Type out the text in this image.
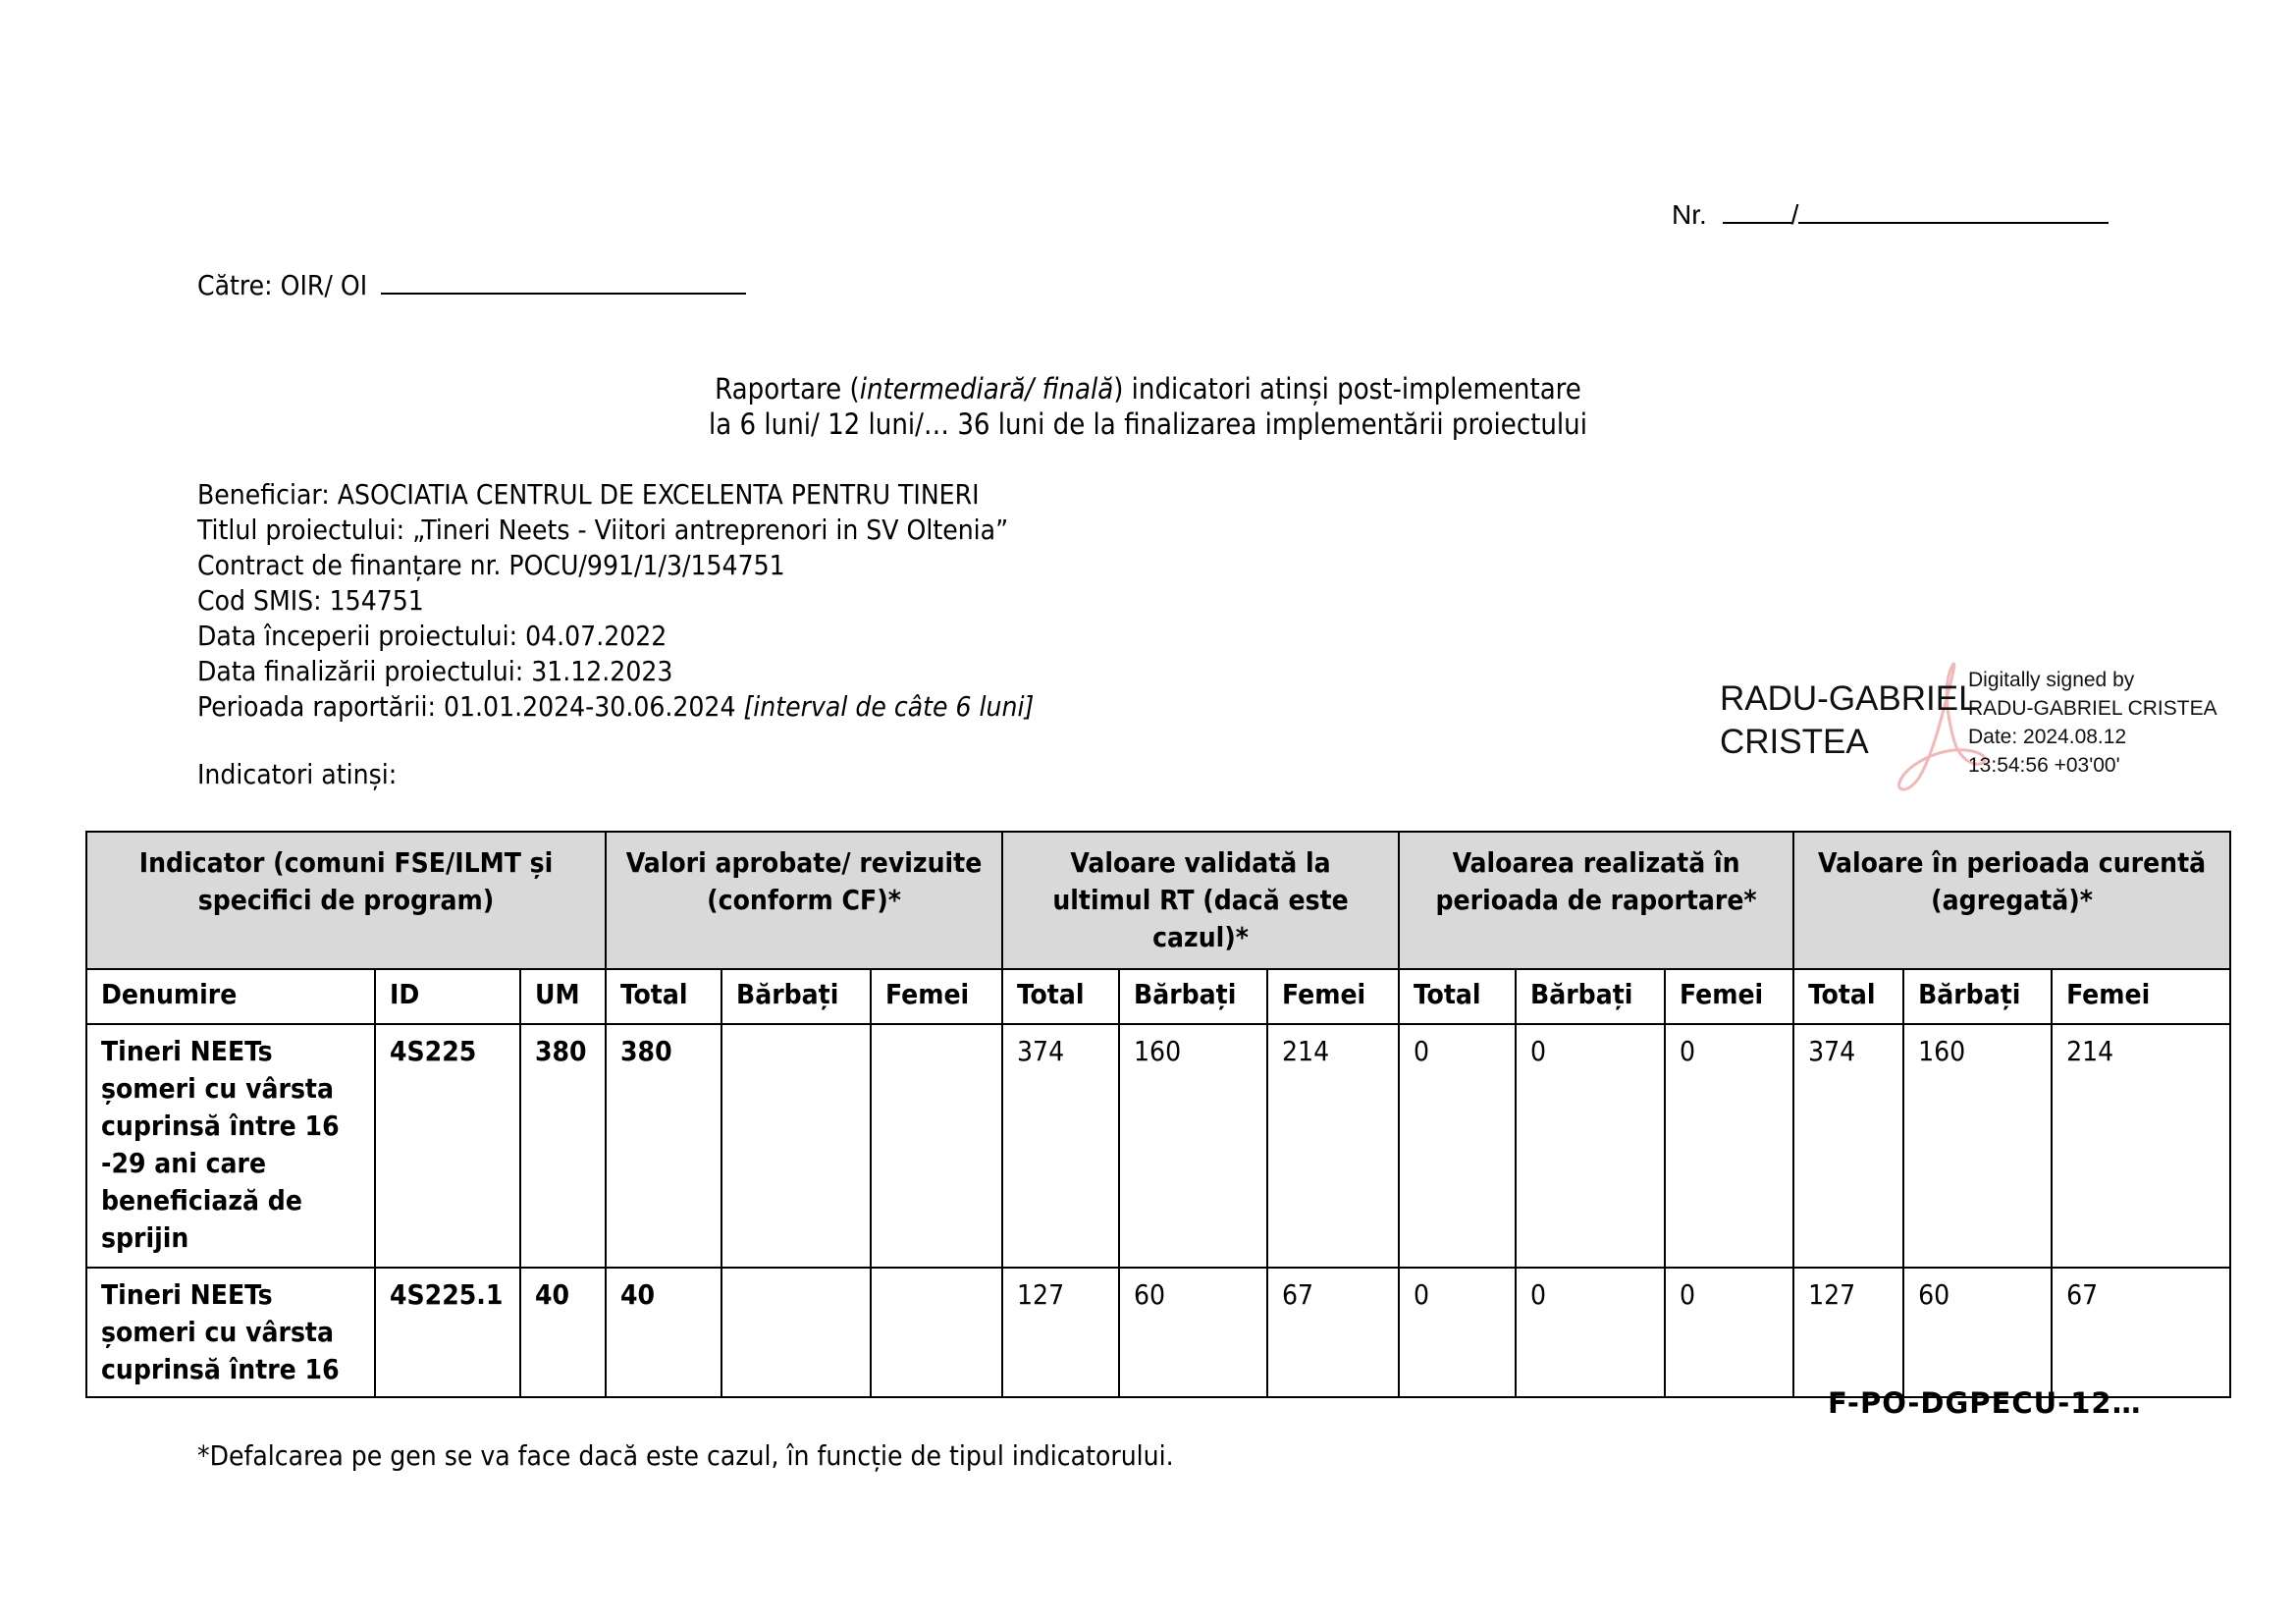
Nr.	/
Către: OIR/ OI
Raportare (intermediară/ finală) indicatori atinși post-implementare
la 6 luni/ 12 luni/… 36 luni de la finalizarea implementării proiectului
Beneficiar: ASOCIATIA CENTRUL DE EXCELENTA PENTRU TINERI
Titlul proiectului: „Tineri Neets - Viitori antreprenori in SV Oltenia”
Contract de finanțare nr. POCU/991/1/3/154751
Cod SMIS: 154751
Data începerii proiectului: 04.07.2022
Data finalizării proiectului: 31.12.2023
Perioada raportării: 01.01.2024-30.06.2024 [interval de câte 6 luni]
Indicatori atinși:
RADU-GABRIEL
CRISTEA
Digitally signed by
RADU-GABRIEL CRISTEA
Date: 2024.08.12
13:54:56 +03'00'
Indicator (comuni FSE/ILMT și specifici de program)			Valori aprobate/ revizuite (conform CF)*			Valoare validată la ultimul RT (dacă este cazul)*			Valoarea realizată în perioada de raportare*			Valoare în perioada curentă (agregată)*		
Denumire	ID	UM	Total	Bărbați	Femei	Total	Bărbați	Femei	Total	Bărbați	Femei	Total	Bărbați	Femei
Tineri NEETs șomeri cu vârsta cuprinsă între 16 -29 ani care beneficiază de sprijin	4S225	380	380			374	160	214	0	0	0	374	160	214
Tineri NEETs șomeri cu vârsta cuprinsă între 16	4S225.1	40	40			127	60	67	0	0	0	127	60	67
F-PO-DGPECU-12…
*Defalcarea pe gen se va face dacă este cazul, în funcție de tipul indicatorului.
